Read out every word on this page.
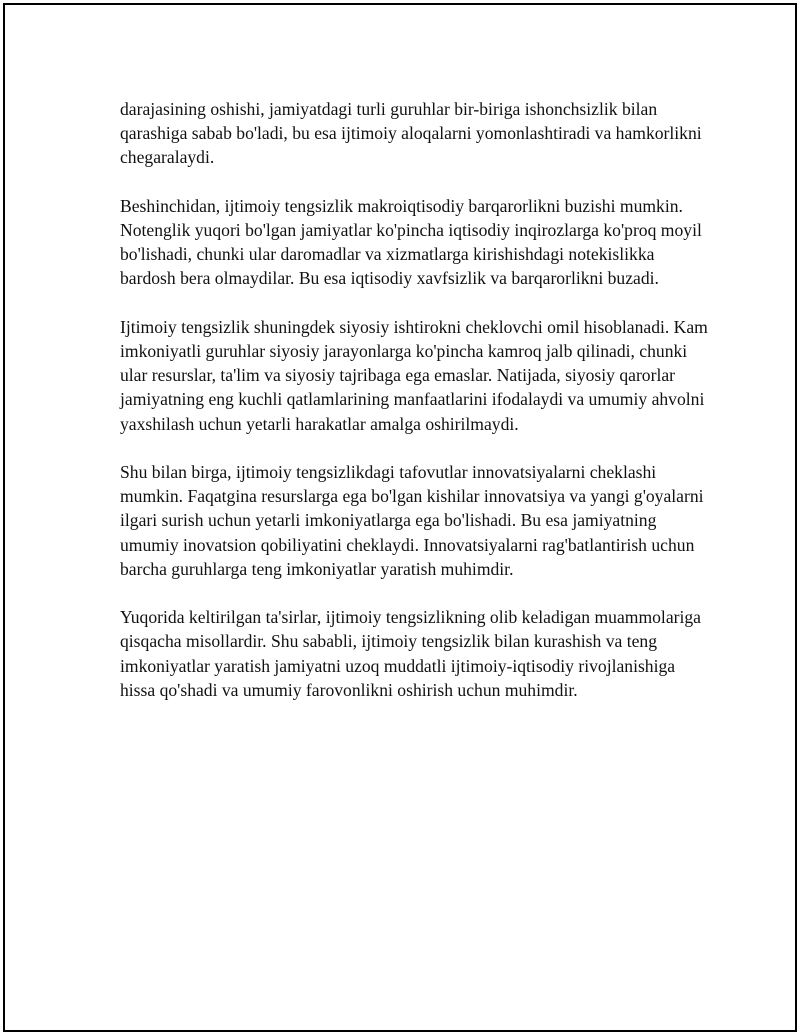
darajasining oshishi, jamiyatdagi turli guruhlar bir-biriga ishonchsizlik bilan qarashiga sabab bo'ladi, bu esa ijtimoiy aloqalarni yomonlashtiradi va hamkorlikni chegaralaydi.

Beshinchidan, ijtimoiy tengsizlik makroiqtisodiy barqarorlikni buzishi mumkin. Notenglik yuqori bo'lgan jamiyatlar ko'pincha iqtisodiy inqirozlarga ko'proq moyil bo'lishadi, chunki ular daromadlar va xizmatlarga kirishishdagi notekislikka bardosh bera olmaydilar. Bu esa iqtisodiy xavfsizlik va barqarorlikni buzadi.

Ijtimoiy tengsizlik shuningdek siyosiy ishtirokni cheklovchi omil hisoblanadi. Kam imkoniyatli guruhlar siyosiy jarayonlarga ko'pincha kamroq jalb qilinadi, chunki ular resurslar, ta'lim va siyosiy tajribaga ega emaslar. Natijada, siyosiy qarorlar jamiyatning eng kuchli qatlamlarining manfaatlarini ifodalaydi va umumiy ahvolni yaxshilash uchun yetarli harakatlar amalga oshirilmaydi.

Shu bilan birga, ijtimoiy tengsizlikdagi tafovutlar innovatsiyalarni cheklashi mumkin. Faqatgina resurslarga ega bo'lgan kishilar innovatsiya va yangi g'oyalarni ilgari surish uchun yetarli imkoniyatlarga ega bo'lishadi. Bu esa jamiyatning umumiy inovatsion qobiliyatini cheklaydi. Innovatsiyalarni rag'batlantirish uchun barcha guruhlarga teng imkoniyatlar yaratish muhimdir.

Yuqorida keltirilgan ta'sirlar, ijtimoiy tengsizlikning olib keladigan muammolariga qisqacha misollardir. Shu sababli, ijtimoiy tengsizlik bilan kurashish va teng imkoniyatlar yaratish jamiyatni uzoq muddatli ijtimoiy-iqtisodiy rivojlanishiga hissa qo'shadi va umumiy farovonlikni oshirish uchun muhimdir.
